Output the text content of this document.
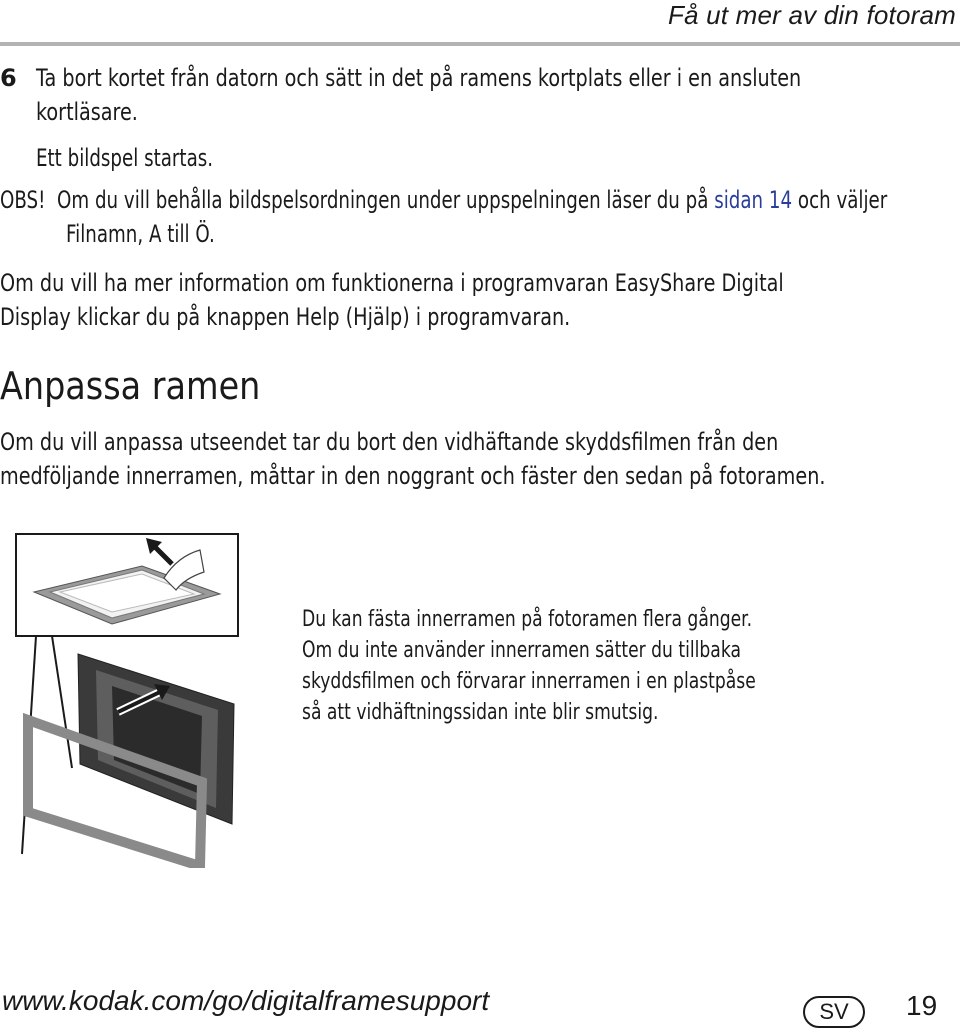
Få ut mer av din fotoram
6 Ta bort kortet från datorn och sätt in det på ramens kortplats eller i en ansluten
kortläsare.
Ett bildspel startas.
OBS! Om du vill behålla bildspelsordningen under uppspelningen läser du på sidan 14 och väljer
Filnamn, A till Ö.
Om du vill ha mer information om funktionerna i programvaran EasyShare Digital
Display klickar du på knappen Help (Hjälp) i programvaran.
Anpassa ramen
Om du vill anpassa utseendet tar du bort den vidhäftande skyddsfilmen från den
medföljande innerramen, måttar in den noggrant och fäster den sedan på fotoramen.
Du kan fästa innerramen på fotoramen flera gånger.
Om du inte använder innerramen sätter du tillbaka
skyddsfilmen och förvarar innerramen i en plastpåse
så att vidhäftningssidan inte blir smutsig.
www.kodak.com/go/digitalframesupport	SV	19
